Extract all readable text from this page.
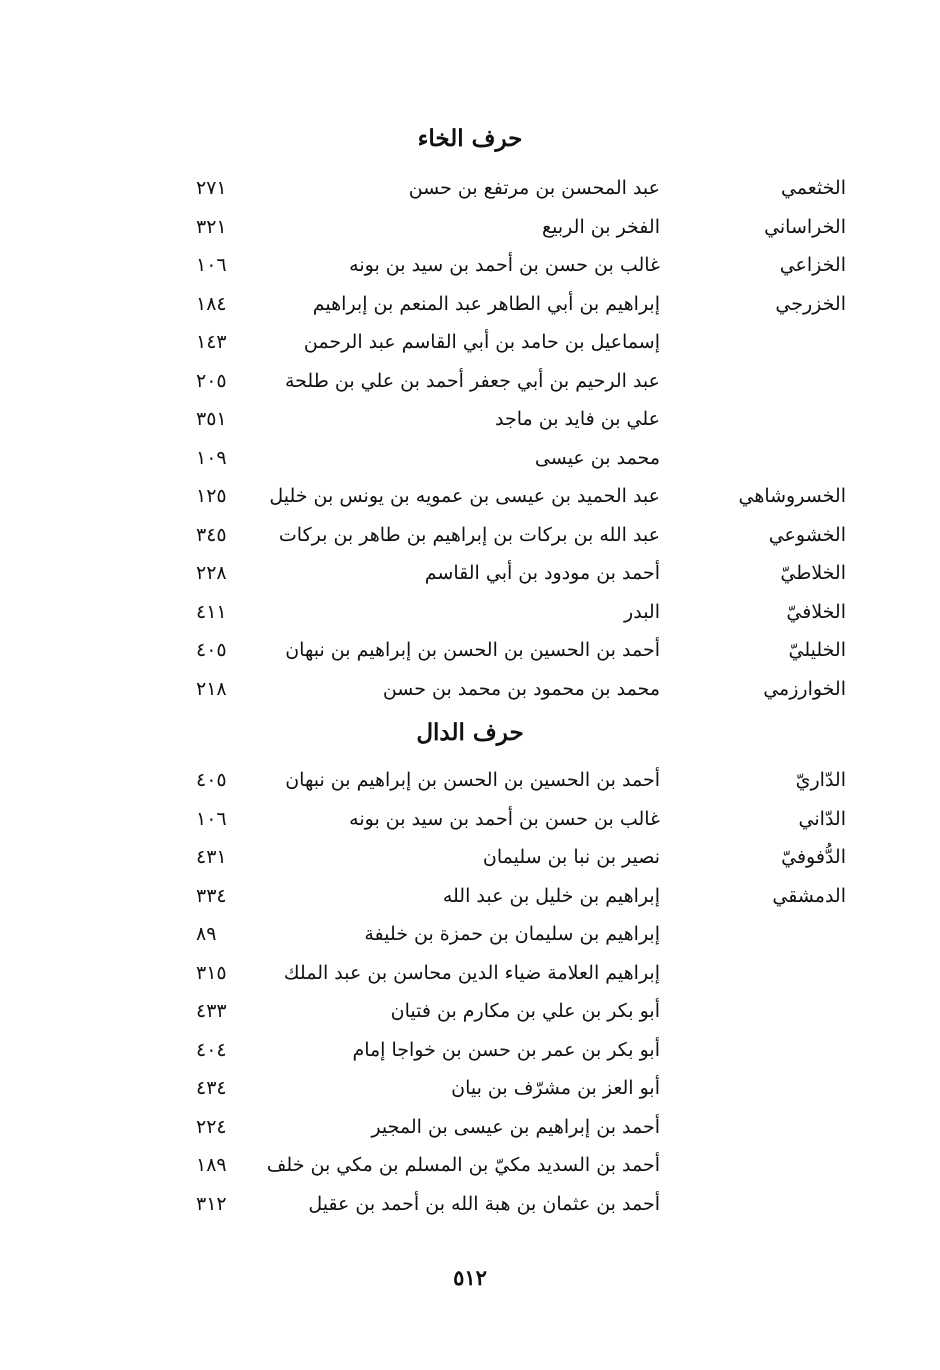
حرف الخاء
الخثعمي
عبد المحسن بن مرتفع بن حسن
٢٧١
الخراساني
الفخر بن الربيع
٣٢١
الخزاعي
غالب بن حسن بن أحمد بن سيد بن بونه
١٠٦
الخزرجي
إبراهيم بن أبي الطاهر عبد المنعم بن إبراهيم
١٨٤
إسماعيل بن حامد بن أبي القاسم عبد الرحمن
١٤٣
عبد الرحيم بن أبي جعفر أحمد بن علي بن طلحة
٢٠٥
علي بن فايد بن ماجد
٣٥١
محمد بن عيسى
١٠٩
الخسروشاهي
عبد الحميد بن عيسى بن عمويه بن يونس بن خليل
١٢٥
الخشوعي
عبد الله بن بركات بن إبراهيم بن طاهر بن بركات
٣٤٥
الخلاطيّ
أحمد بن مودود بن أبي القاسم
٢٢٨
الخلافيّ
البدر
٤١١
الخليليّ
أحمد بن الحسين بن الحسن بن إبراهيم بن نبهان
٤٠٥
الخوارزمي
محمد بن محمود بن محمد بن حسن
٢١٨
حرف الدال
الدّاريّ
أحمد بن الحسين بن الحسن بن إبراهيم بن نبهان
٤٠٥
الدّاني
غالب بن حسن بن أحمد بن سيد بن بونه
١٠٦
الدُّفوفيّ
نصير بن نبا بن سليمان
٤٣١
الدمشقي
إبراهيم بن خليل بن عبد الله
٣٣٤
إبراهيم بن سليمان بن حمزة بن خليفة
٨٩
إبراهيم العلامة ضياء الدين محاسن بن عبد الملك
٣١٥
أبو بكر بن علي بن مكارم بن فتيان
٤٣٣
أبو بكر بن عمر بن حسن بن خواجا إمام
٤٠٤
أبو العز بن مشرّف بن بيان
٤٣٤
أحمد بن إبراهيم بن عيسى بن المجير
٢٢٤
أحمد بن السديد مكيّ بن المسلم بن مكي بن خلف
١٨٩
أحمد بن عثمان بن هبة الله بن أحمد بن عقيل
٣١٢
٥١٢
